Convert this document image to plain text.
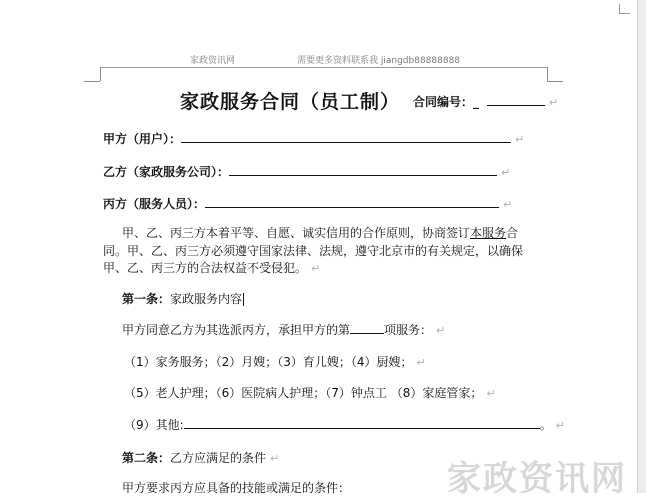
家政资讯网	需要更多资料联系我 jiangdb88888888
家政服务合同（员工制） 合同编号：_	↵
甲方（用户）：	↵
乙方（家政服务公司）：	↵
丙方（服务人员）：	↵
甲、乙、丙三方本着平等、自愿、诚实信用的合作原则，协商签订本服务合
同。甲、乙、丙三方必须遵守国家法律、法规，遵守北京市的有关规定，以确保
甲、乙、丙三方的合法权益不受侵犯。 ↵
第一条：家政服务内容
甲方同意乙方为其选派丙方，承担甲方的第	项服务： ↵
（1）家务服务；（2）月嫂；（3）育儿嫂；（4）厨嫂； ↵
（5）老人护理；（6）医院病人护理；（7）钟点工 （8）家庭管家； ↵
（9）其他:	。 ↵
第二条：乙方应满足的条件 ↵
甲方要求丙方应具备的技能或满足的条件：	家政资讯网
